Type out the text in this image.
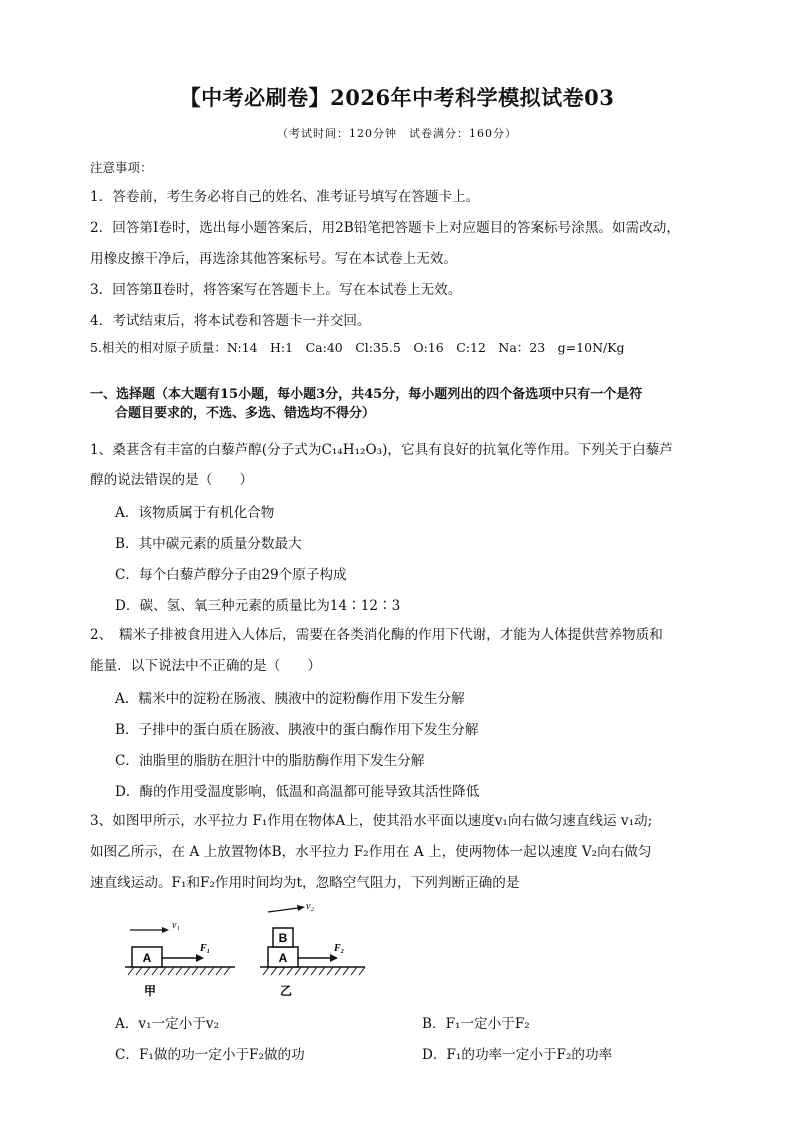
【中考必刷卷】2026年中考科学模拟试卷03
（考试时间：120分钟　试卷满分：160分）
注意事项：
1．答卷前，考生务必将自己的姓名、准考证号填写在答题卡上。
2．回答第Ⅰ卷时，选出每小题答案后，用2B铅笔把答题卡上对应题目的答案标号涂黑。如需改动，
用橡皮擦干净后，再选涂其他答案标号。写在本试卷上无效。
3．回答第Ⅱ卷时，将答案写在答题卡上。写在本试卷上无效。
4．考试结束后，将本试卷和答题卡一并交回。
5.相关的相对原子质量：N:14　H:1　Ca:40　Cl:35.5　O:16　C:12　Na：23　g=10N/Kg
一、选择题（本大题有15小题，每小题3分，共45分，每小题列出的四个备选项中只有一个是符
合题目要求的，不选、多选、错选均不得分）
1、桑葚含有丰富的白藜芦醇(分子式为C₁₄H₁₂O₃)，它具有良好的抗氧化等作用。下列关于白藜芦
醇的说法错误的是（　　）
A．该物质属于有机化合物
B．其中碳元素的质量分数最大
C．每个白藜芦醇分子由29个原子构成
D．碳、氢、氧三种元素的质量比为14∶12∶3
2、　糯米子排被食用进入人体后，需要在各类消化酶的作用下代谢，才能为人体提供营养物质和
能量．以下说法中不正确的是（　　）
A．糯米中的淀粉在肠液、胰液中的淀粉酶作用下发生分解
B．子排中的蛋白质在肠液、胰液中的蛋白酶作用下发生分解
C．油脂里的脂肪在胆汁中的脂肪酶作用下发生分解
D．酶的作用受温度影响，低温和高温都可能导致其活性降低
3、如图甲所示，水平拉力 F₁作用在物体A上，使其沿水平面以速度v₁向右做匀速直线运 v₁动;
如图乙所示，在 A 上放置物体B，水平拉力 F₂作用在 A 上，使两物体一起以速度 V₂向右做匀
速直线运动。F₁和F₂作用时间均为t，忽略空气阻力，下列判断正确的是
A
F₁
v₁
甲
A
B
F₂
v₂
乙
A．v₁一定小于v₂	B．F₁一定小于F₂
C．F₁做的功一定小于F₂做的功	D．F₁的功率一定小于F₂的功率
